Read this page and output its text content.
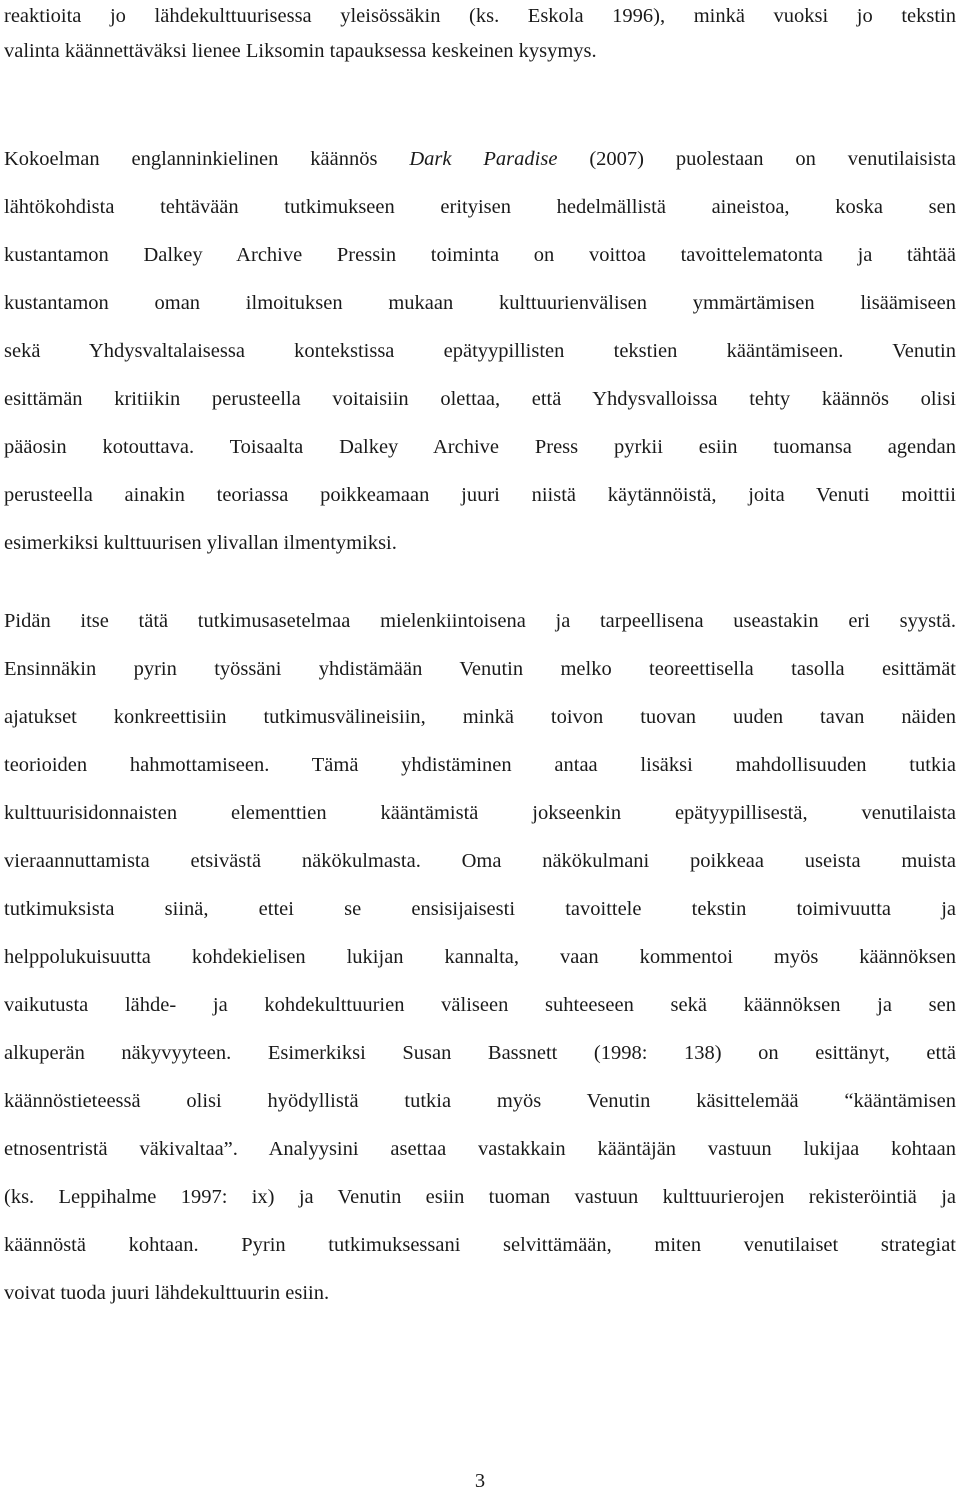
reaktioita jo lähdekulttuurisessa yleisössäkin (ks. Eskola 1996), minkä vuoksi jo tekstin
valinta käännettäväksi lienee Liksomin tapauksessa keskeinen kysymys.
Kokoelman englanninkielinen käännös Dark Paradise (2007) puolestaan on venutilaisista
lähtökohdista tehtävään tutkimukseen erityisen hedelmällistä aineistoa, koska sen
kustantamon Dalkey Archive Pressin toiminta on voittoa tavoittelematonta ja tähtää
kustantamon oman ilmoituksen mukaan kulttuurienvälisen ymmärtämisen lisäämiseen
sekä Yhdysvaltalaisessa kontekstissa epätyypillisten tekstien kääntämiseen. Venutin
esittämän kritiikin perusteella voitaisiin olettaa, että Yhdysvalloissa tehty käännös olisi
pääosin kotouttava. Toisaalta Dalkey Archive Press pyrkii esiin tuomansa agendan
perusteella ainakin teoriassa poikkeamaan juuri niistä käytännöistä, joita Venuti moittii
esimerkiksi kulttuurisen ylivallan ilmentymiksi.
Pidän itse tätä tutkimusasetelmaa mielenkiintoisena ja tarpeellisena useastakin eri syystä.
Ensinnäkin pyrin työssäni yhdistämään Venutin melko teoreettisella tasolla esittämät
ajatukset konkreettisiin tutkimusvälineisiin, minkä toivon tuovan uuden tavan näiden
teorioiden hahmottamiseen. Tämä yhdistäminen antaa lisäksi mahdollisuuden tutkia
kulttuurisidonnaisten elementtien kääntämistä jokseenkin epätyypillisestä, venutilaista
vieraannuttamista etsivästä näkökulmasta. Oma näkökulmani poikkeaa useista muista
tutkimuksista siinä, ettei se ensisijaisesti tavoittele tekstin toimivuutta ja
helppolukuisuutta kohdekielisen lukijan kannalta, vaan kommentoi myös käännöksen
vaikutusta lähde- ja kohdekulttuurien väliseen suhteeseen sekä käännöksen ja sen
alkuperän näkyvyyteen. Esimerkiksi Susan Bassnett (1998: 138) on esittänyt, että
käännöstieteessä olisi hyödyllistä tutkia myös Venutin käsittelemää “kääntämisen
etnosentristä väkivaltaa”. Analyysini asettaa vastakkain kääntäjän vastuun lukijaa kohtaan
(ks. Leppihalme 1997: ix) ja Venutin esiin tuoman vastuun kulttuurierojen rekisteröintiä ja
käännöstä kohtaan. Pyrin tutkimuksessani selvittämään, miten venutilaiset strategiat
voivat tuoda juuri lähdekulttuurin esiin.
3
